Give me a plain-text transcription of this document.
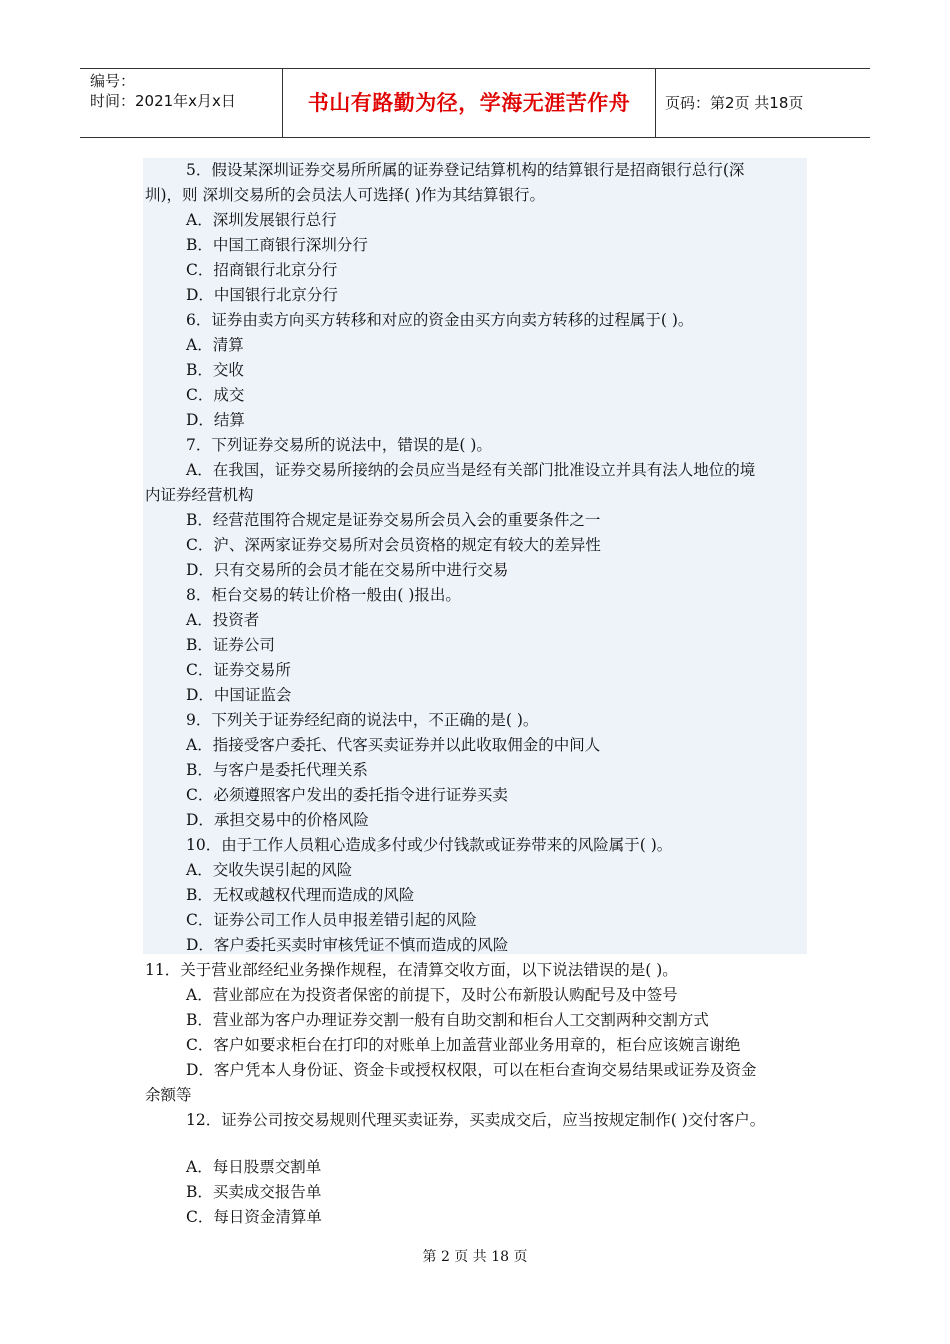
编号：
时间：2021年x月x日	书山有路勤为径，学海无涯苦作舟	页码：第2页 共18页
5．假设某深圳证券交易所所属的证券登记结算机构的结算银行是招商银行总行(深
圳)，则 深圳交易所的会员法人可选择( )作为其结算银行。
A．深圳发展银行总行
B．中国工商银行深圳分行
C．招商银行北京分行
D．中国银行北京分行
6．证券由卖方向买方转移和对应的资金由买方向卖方转移的过程属于( )。
A．清算
B．交收
C．成交
D．结算
7．下列证券交易所的说法中，错误的是( )。
A．在我国，证券交易所接纳的会员应当是经有关部门批准设立并具有法人地位的境
内证券经营机构
B．经营范围符合规定是证券交易所会员入会的重要条件之一
C．沪、深两家证券交易所对会员资格的规定有较大的差异性
D．只有交易所的会员才能在交易所中进行交易
8．柜台交易的转让价格一般由( )报出。
A．投资者
B．证券公司
C．证券交易所
D．中国证监会
9．下列关于证券经纪商的说法中，不正确的是( )。
A．指接受客户委托、代客买卖证券并以此收取佣金的中间人
B．与客户是委托代理关系
C．必须遵照客户发出的委托指令进行证券买卖
D．承担交易中的价格风险
10．由于工作人员粗心造成多付或少付钱款或证券带来的风险属于( )。
A．交收失误引起的风险
B．无权或越权代理而造成的风险
C．证券公司工作人员申报差错引起的风险
D．客户委托买卖时审核凭证不慎而造成的风险
11．关于营业部经纪业务操作规程，在清算交收方面，以下说法错误的是( )。
A．营业部应在为投资者保密的前提下，及时公布新股认购配号及中签号
B．营业部为客户办理证券交割一般有自助交割和柜台人工交割两种交割方式
C．客户如要求柜台在打印的对账单上加盖营业部业务用章的，柜台应该婉言谢绝
D．客户凭本人身份证、资金卡或授权权限，可以在柜台查询交易结果或证券及资金
余额等
12．证券公司按交易规则代理买卖证券，买卖成交后，应当按规定制作( )交付客户。
A．每日股票交割单
B．买卖成交报告单
C．每日资金清算单
第 2 页 共 18 页
